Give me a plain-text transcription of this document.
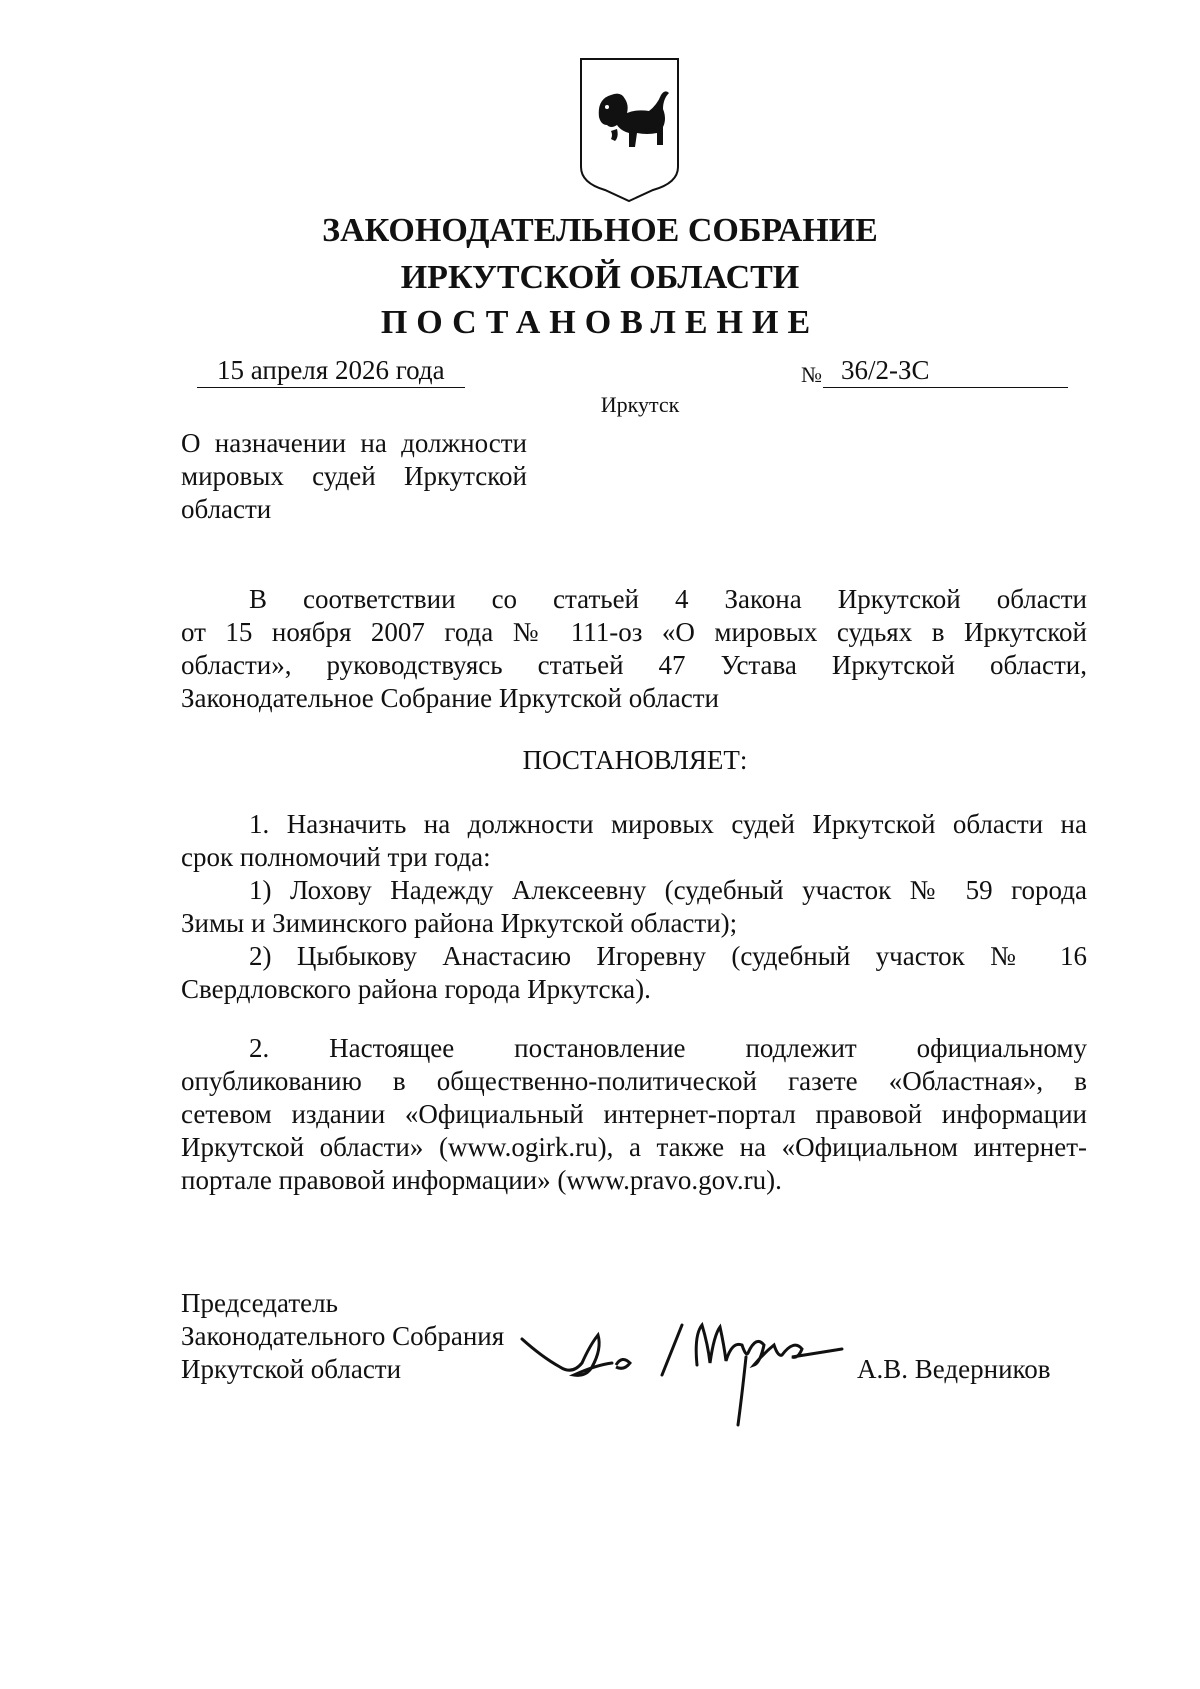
ЗАКОНОДАТЕЛЬНОЕ СОБРАНИЕ
ИРКУТСКОЙ ОБЛАСТИ
ПОСТАНОВЛЕНИЕ
15 апреля 2026 года	№ 36/2-ЗС
Иркутск
О назначении на должности
мировых судей Иркутской
области
В соответствии со статьей 4 Закона Иркутской области
от 15 ноября 2007 года № 111-оз «О мировых судьях в Иркутской
области», руководствуясь статьей 47 Устава Иркутской области,
Законодательное Собрание Иркутской области
ПОСТАНОВЛЯЕТ:
1. Назначить на должности мировых судей Иркутской области на
срок полномочий три года:
1) Лохову Надежду Алексеевну (судебный участок № 59 города
Зимы и Зиминского района Иркутской области);
2) Цыбыкову Анастасию Игоревну (судебный участок № 16
Свердловского района города Иркутска).
2. Настоящее постановление подлежит официальному
опубликованию в общественно-политической газете «Областная», в
сетевом издании «Официальный интернет-портал правовой информации
Иркутской области» (www.ogirk.ru), а также на «Официальном интернет-
портале правовой информации» (www.pravo.gov.ru).
Председатель
Законодательного Собрания
Иркутской области	А.В. Ведерников
